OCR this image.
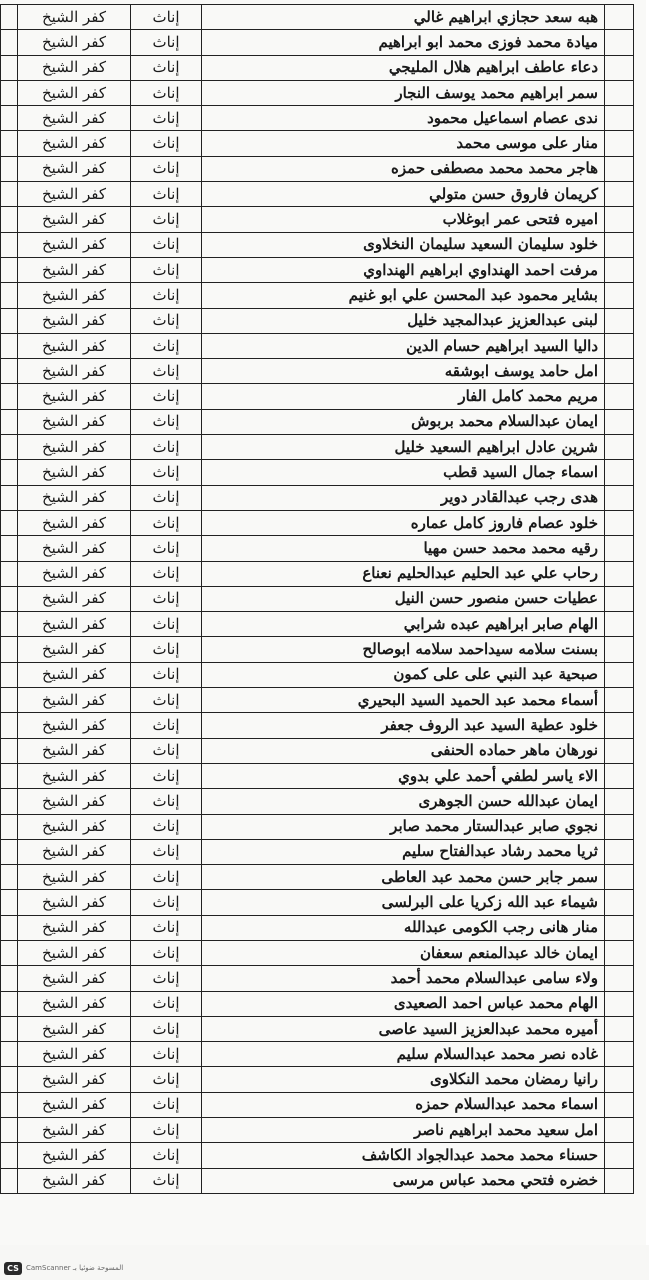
	هبه سعد حجازي ابراهيم غالي	إناث	كفر الشيخ	
	ميادة محمد فوزى محمد ابو ابراهيم	إناث	كفر الشيخ	
	دعاء عاطف ابراهيم هلال المليجي	إناث	كفر الشيخ	
	سمر ابراهيم محمد يوسف النجار	إناث	كفر الشيخ	
	ندى عصام اسماعيل محمود	إناث	كفر الشيخ	
	منار على موسى محمد	إناث	كفر الشيخ	
	هاجر محمد محمد مصطفى حمزه	إناث	كفر الشيخ	
	كريمان فاروق حسن متولي	إناث	كفر الشيخ	
	اميره فتحى عمر ابوغلاب	إناث	كفر الشيخ	
	خلود سليمان السعيد سليمان النخلاوى	إناث	كفر الشيخ	
	مرفت احمد الهنداوي ابراهيم الهنداوي	إناث	كفر الشيخ	
	بشاير محمود عبد المحسن علي ابو غنيم	إناث	كفر الشيخ	
	لبنى عبدالعزيز عبدالمجيد خليل	إناث	كفر الشيخ	
	داليا السيد ابراهيم حسام الدين	إناث	كفر الشيخ	
	امل حامد يوسف ابوشقه	إناث	كفر الشيخ	
	مريم محمد كامل الفار	إناث	كفر الشيخ	
	ايمان عبدالسلام محمد بربوش	إناث	كفر الشيخ	
	شرين عادل ابراهيم السعيد خليل	إناث	كفر الشيخ	
	اسماء جمال السيد قطب	إناث	كفر الشيخ	
	هدى رجب عبدالقادر دوير	إناث	كفر الشيخ	
	خلود عصام فاروز كامل عماره	إناث	كفر الشيخ	
	رقيه محمد محمد حسن مهيا	إناث	كفر الشيخ	
	رحاب علي عبد الحليم عبدالحليم نعناع	إناث	كفر الشيخ	
	عطيات حسن منصور حسن النيل	إناث	كفر الشيخ	
	الهام صابر ابراهيم عبده شرابي	إناث	كفر الشيخ	
	بسنت سلامه سيداحمد سلامه ابوصالح	إناث	كفر الشيخ	
	صبحية عبد النبي على على كمون	إناث	كفر الشيخ	
	أسماء محمد عبد الحميد السيد البحيري	إناث	كفر الشيخ	
	خلود عطية السيد عبد الروف جعفر	إناث	كفر الشيخ	
	نورهان ماهر حماده الحنفى	إناث	كفر الشيخ	
	الاء ياسر لطفي أحمد علي بدوي	إناث	كفر الشيخ	
	ايمان عبدالله حسن الجوهرى	إناث	كفر الشيخ	
	نجوي صابر عبدالستار محمد صابر	إناث	كفر الشيخ	
	ثريا محمد رشاد عبدالفتاح سليم	إناث	كفر الشيخ	
	سمر جابر حسن محمد عبد العاطى	إناث	كفر الشيخ	
	شيماء عبد الله زكريا على البرلسى	إناث	كفر الشيخ	
	منار هانى رجب الكومى عبدالله	إناث	كفر الشيخ	
	ايمان خالد عبدالمنعم سعفان	إناث	كفر الشيخ	
	ولاء سامى عبدالسلام محمد أحمد	إناث	كفر الشيخ	
	الهام محمد عباس احمد الصعيدى	إناث	كفر الشيخ	
	أميره محمد عبدالعزيز السيد عاصى	إناث	كفر الشيخ	
	غاده نصر محمد عبدالسلام سليم	إناث	كفر الشيخ	
	رانيا رمضان محمد النكلاوى	إناث	كفر الشيخ	
	اسماء محمد عبدالسلام حمزه	إناث	كفر الشيخ	
	امل سعيد محمد ابراهيم ناصر	إناث	كفر الشيخ	
	حسناء محمد محمد عبدالجواد الكاشف	إناث	كفر الشيخ	
	خضره فتحي محمد عباس مرسى	إناث	كفر الشيخ	
CS	CamScanner المسوحة ضوئيا بـ
